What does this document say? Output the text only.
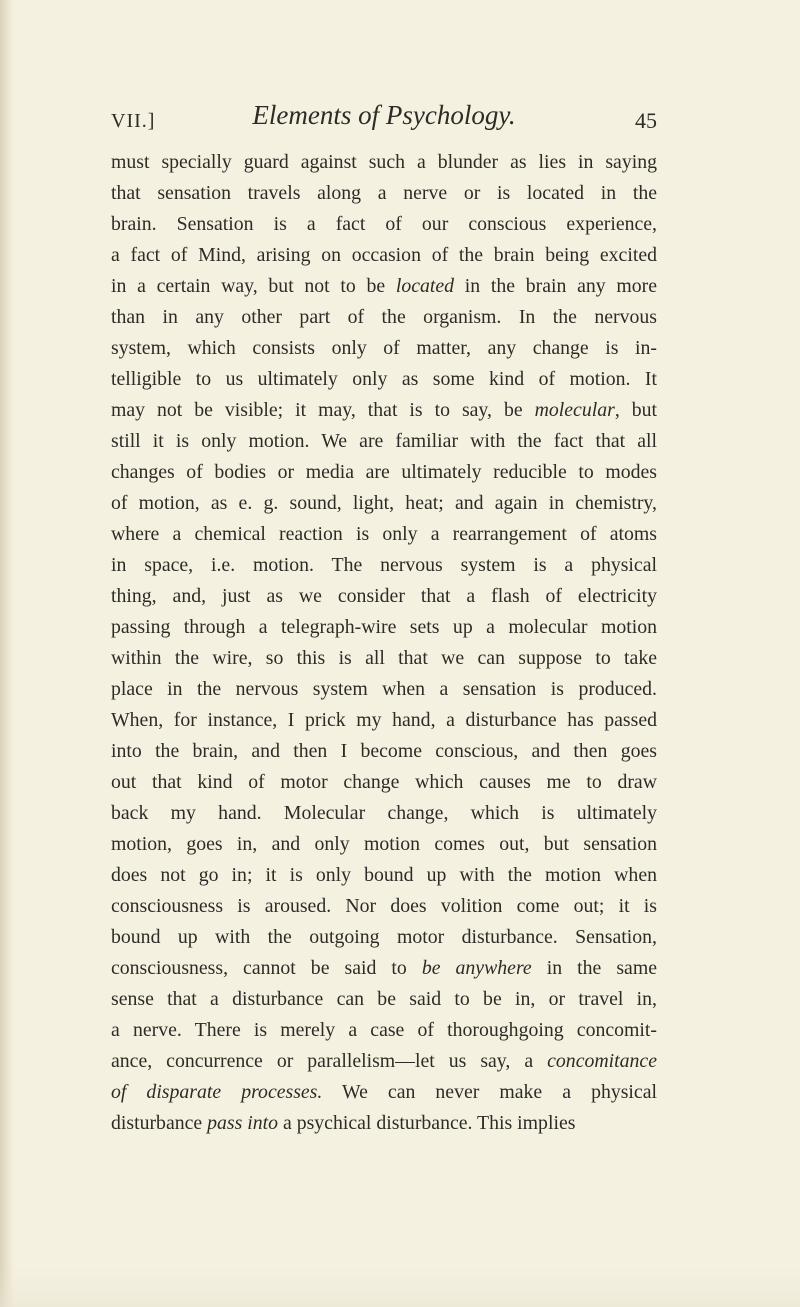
VII.]	Elements of Psychology.	45

must specially guard against such a blunder as lies in saying
that sensation travels along a nerve or is located in the
brain. Sensation is a fact of our conscious experience,
a fact of Mind, arising on occasion of the brain being excited
in a certain way, but not to be located in the brain any more
than in any other part of the organism. In the nervous
system, which consists only of matter, any change is in-
telligible to us ultimately only as some kind of motion. It
may not be visible; it may, that is to say, be molecular, but
still it is only motion. We are familiar with the fact that all
changes of bodies or media are ultimately reducible to modes
of motion, as e. g. sound, light, heat; and again in chemistry,
where a chemical reaction is only a rearrangement of atoms
in space, i.e. motion. The nervous system is a physical
thing, and, just as we consider that a flash of electricity
passing through a telegraph-wire sets up a molecular motion
within the wire, so this is all that we can suppose to take
place in the nervous system when a sensation is produced.
When, for instance, I prick my hand, a disturbance has passed
into the brain, and then I become conscious, and then goes
out that kind of motor change which causes me to draw
back my hand. Molecular change, which is ultimately
motion, goes in, and only motion comes out, but sensation
does not go in; it is only bound up with the motion when
consciousness is aroused. Nor does volition come out; it is
bound up with the outgoing motor disturbance. Sensation,
consciousness, cannot be said to be anywhere in the same
sense that a disturbance can be said to be in, or travel in,
a nerve. There is merely a case of thoroughgoing concomit-
ance, concurrence or parallelism—let us say, a concomitance
of disparate processes. We can never make a physical
disturbance pass into a psychical disturbance. This implies
